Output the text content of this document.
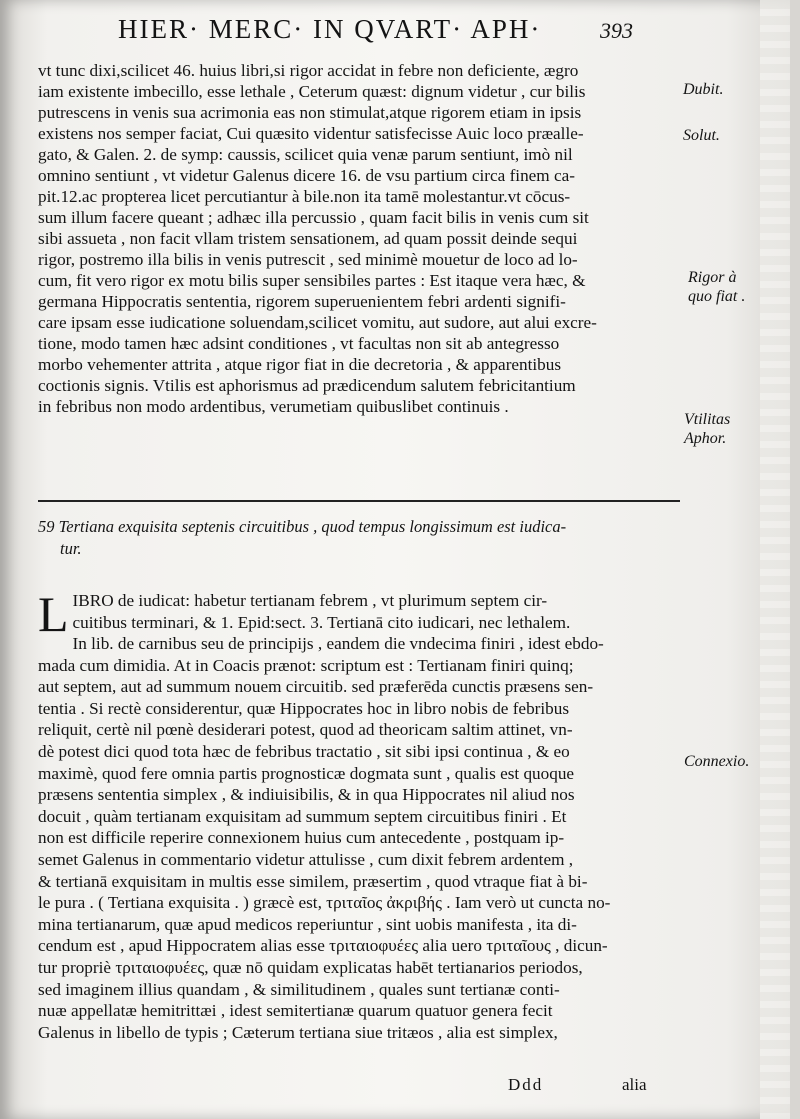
HIER· MERC· IN QVART· APH·	393
vt tunc dixi,scilicet 46. huius libri,si rigor accidat in febre non deficiente, ægro
iam existente imbecillo, esse lethale , Ceterum quæst: dignum videtur , cur bilis
putrescens in venis sua acrimonia eas non stimulat,atque rigorem etiam in ipsis
existens nos semper faciat, Cui quæsito videntur satisfecisse Auic loco præalle-
gato, & Galen. 2. de symp: caussis, scilicet quia venæ parum sentiunt, imò nil
omnino sentiunt , vt videtur Galenus dicere 16. de vsu partium circa finem ca-
pit.12.ac propterea licet percutiantur à bile.non ita tamē molestantur.vt cōcus-
sum illum facere queant ; adhæc illa percussio , quam facit bilis in venis cum sit
sibi assueta , non facit vllam tristem sensationem, ad quam possit deinde sequi
rigor, postremo illa bilis in venis putrescit , sed minimè mouetur de loco ad lo-
cum, fit vero rigor ex motu bilis super sensibiles partes : Est itaque vera hæc, &
germana Hippocratis sententia, rigorem superuenientem febri ardenti signifi-
care ipsam esse iudicatione soluendam,scilicet vomitu, aut sudore, aut alui excre-
tione, modo tamen hæc adsint conditiones , vt facultas non sit ab antegresso
morbo vehementer attrita , atque rigor fiat in die decretoria , & apparentibus
coctionis signis. Vtilis est aphorismus ad prædicendum salutem febricitantium
in febribus non modo ardentibus, verumetiam quibuslibet continuis .
Dubit.
Solut.
Rigor à
quo fiat .
Vtilitas
Aphor.
Connexio.
59 Tertiana exquisita septenis circuitibus , quod tempus longissimum est iudica-
tur.
L IBRO de iudicat: habetur tertianam febrem , vt plurimum septem cir-
cuitibus terminari, & 1. Epid:sect. 3. Tertianā cito iudicari, nec lethalem.
In lib. de carnibus seu de principijs , eandem die vndecima finiri , idest ebdo-
mada cum dimidia. At in Coacis prænot: scriptum est : Tertianam finiri quinq;
aut septem, aut ad summum nouem circuitib. sed præferēda cunctis præsens sen-
tentia . Si rectè considerentur, quæ Hippocrates hoc in libro nobis de febribus
reliquit, certè nil pœnè desiderari potest, quod ad theoricam saltim attinet, vn-
dè potest dici quod tota hæc de febribus tractatio , sit sibi ipsi continua , & eo
maximè, quod fere omnia partis prognosticæ dogmata sunt , qualis est quoque
præsens sententia simplex , & indiuisibilis, & in qua Hippocrates nil aliud nos
docuit , quàm tertianam exquisitam ad summum septem circuitibus finiri . Et
non est difficile reperire connexionem huius cum antecedente , postquam ip-
semet Galenus in commentario videtur attulisse , cum dixit febrem ardentem ,
& tertianā exquisitam in multis esse similem, præsertim , quod vtraque fiat à bi-
le pura . ( Tertiana exquisita . ) græcè est, τριταῖος ἀκριβής . Iam verò ut cuncta no-
mina tertianarum, quæ apud medicos reperiuntur , sint uobis manifesta , ita di-
cendum est , apud Hippocratem alias esse τριταιοφυέες alia uero τριταῖους , dicun-
tur propriè τριταιοφυέες, quæ nō quidam explicatas habēt tertianarios periodos,
sed imaginem illius quandam , & similitudinem , quales sunt tertianæ conti-
nuæ appellatæ hemitrittæi , idest semitertianæ quarum quatuor genera fecit
Galenus in libello de typis ; Cæterum tertiana siue tritæos , alia est simplex,
Ddd	alia
